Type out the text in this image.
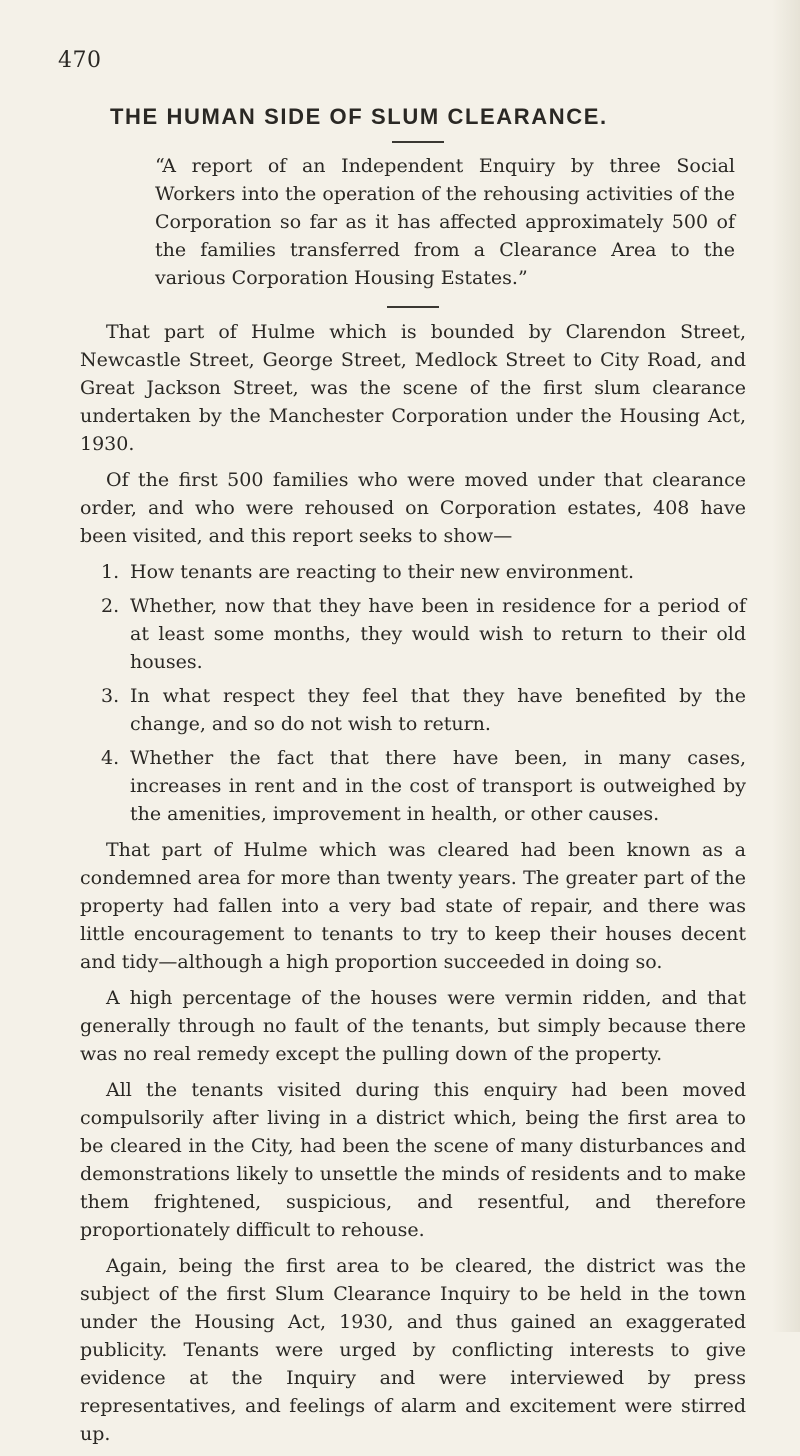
470
THE HUMAN SIDE OF SLUM CLEARANCE.
“A report of an Independent Enquiry by three Social Workers into the operation of the rehousing activities of the Corporation so far as it has affected approximately 500 of the families transferred from a Clearance Area to the various Corporation Housing Estates.”

That part of Hulme which is bounded by Clarendon Street, Newcastle Street, George Street, Medlock Street to City Road, and Great Jackson Street, was the scene of the first slum clearance undertaken by the Manchester Corporation under the Housing Act, 1930.

Of the first 500 families who were moved under that clearance order, and who were rehoused on Corporation estates, 408 have been visited, and this report seeks to show—

1. How tenants are reacting to their new environment.
2. Whether, now that they have been in residence for a period of at least some months, they would wish to return to their old houses.
3. In what respect they feel that they have benefited by the change, and so do not wish to return.
4. Whether the fact that there have been, in many cases, increases in rent and in the cost of transport is outweighed by the amenities, improvement in health, or other causes.

That part of Hulme which was cleared had been known as a condemned area for more than twenty years. The greater part of the property had fallen into a very bad state of repair, and there was little encouragement to tenants to try to keep their houses decent and tidy—although a high proportion succeeded in doing so.

A high percentage of the houses were vermin ridden, and that generally through no fault of the tenants, but simply because there was no real remedy except the pulling down of the property.

All the tenants visited during this enquiry had been moved compulsorily after living in a district which, being the first area to be cleared in the City, had been the scene of many disturbances and demonstrations likely to unsettle the minds of residents and to make them frightened, suspicious, and resentful, and therefore proportionately difficult to rehouse.

Again, being the first area to be cleared, the district was the subject of the first Slum Clearance Inquiry to be held in the town under the Housing Act, 1930, and thus gained an exaggerated publicity. Tenants were urged by conflicting interests to give evidence at the Inquiry and were interviewed by press representatives, and feelings of alarm and excitement were stirred up.
